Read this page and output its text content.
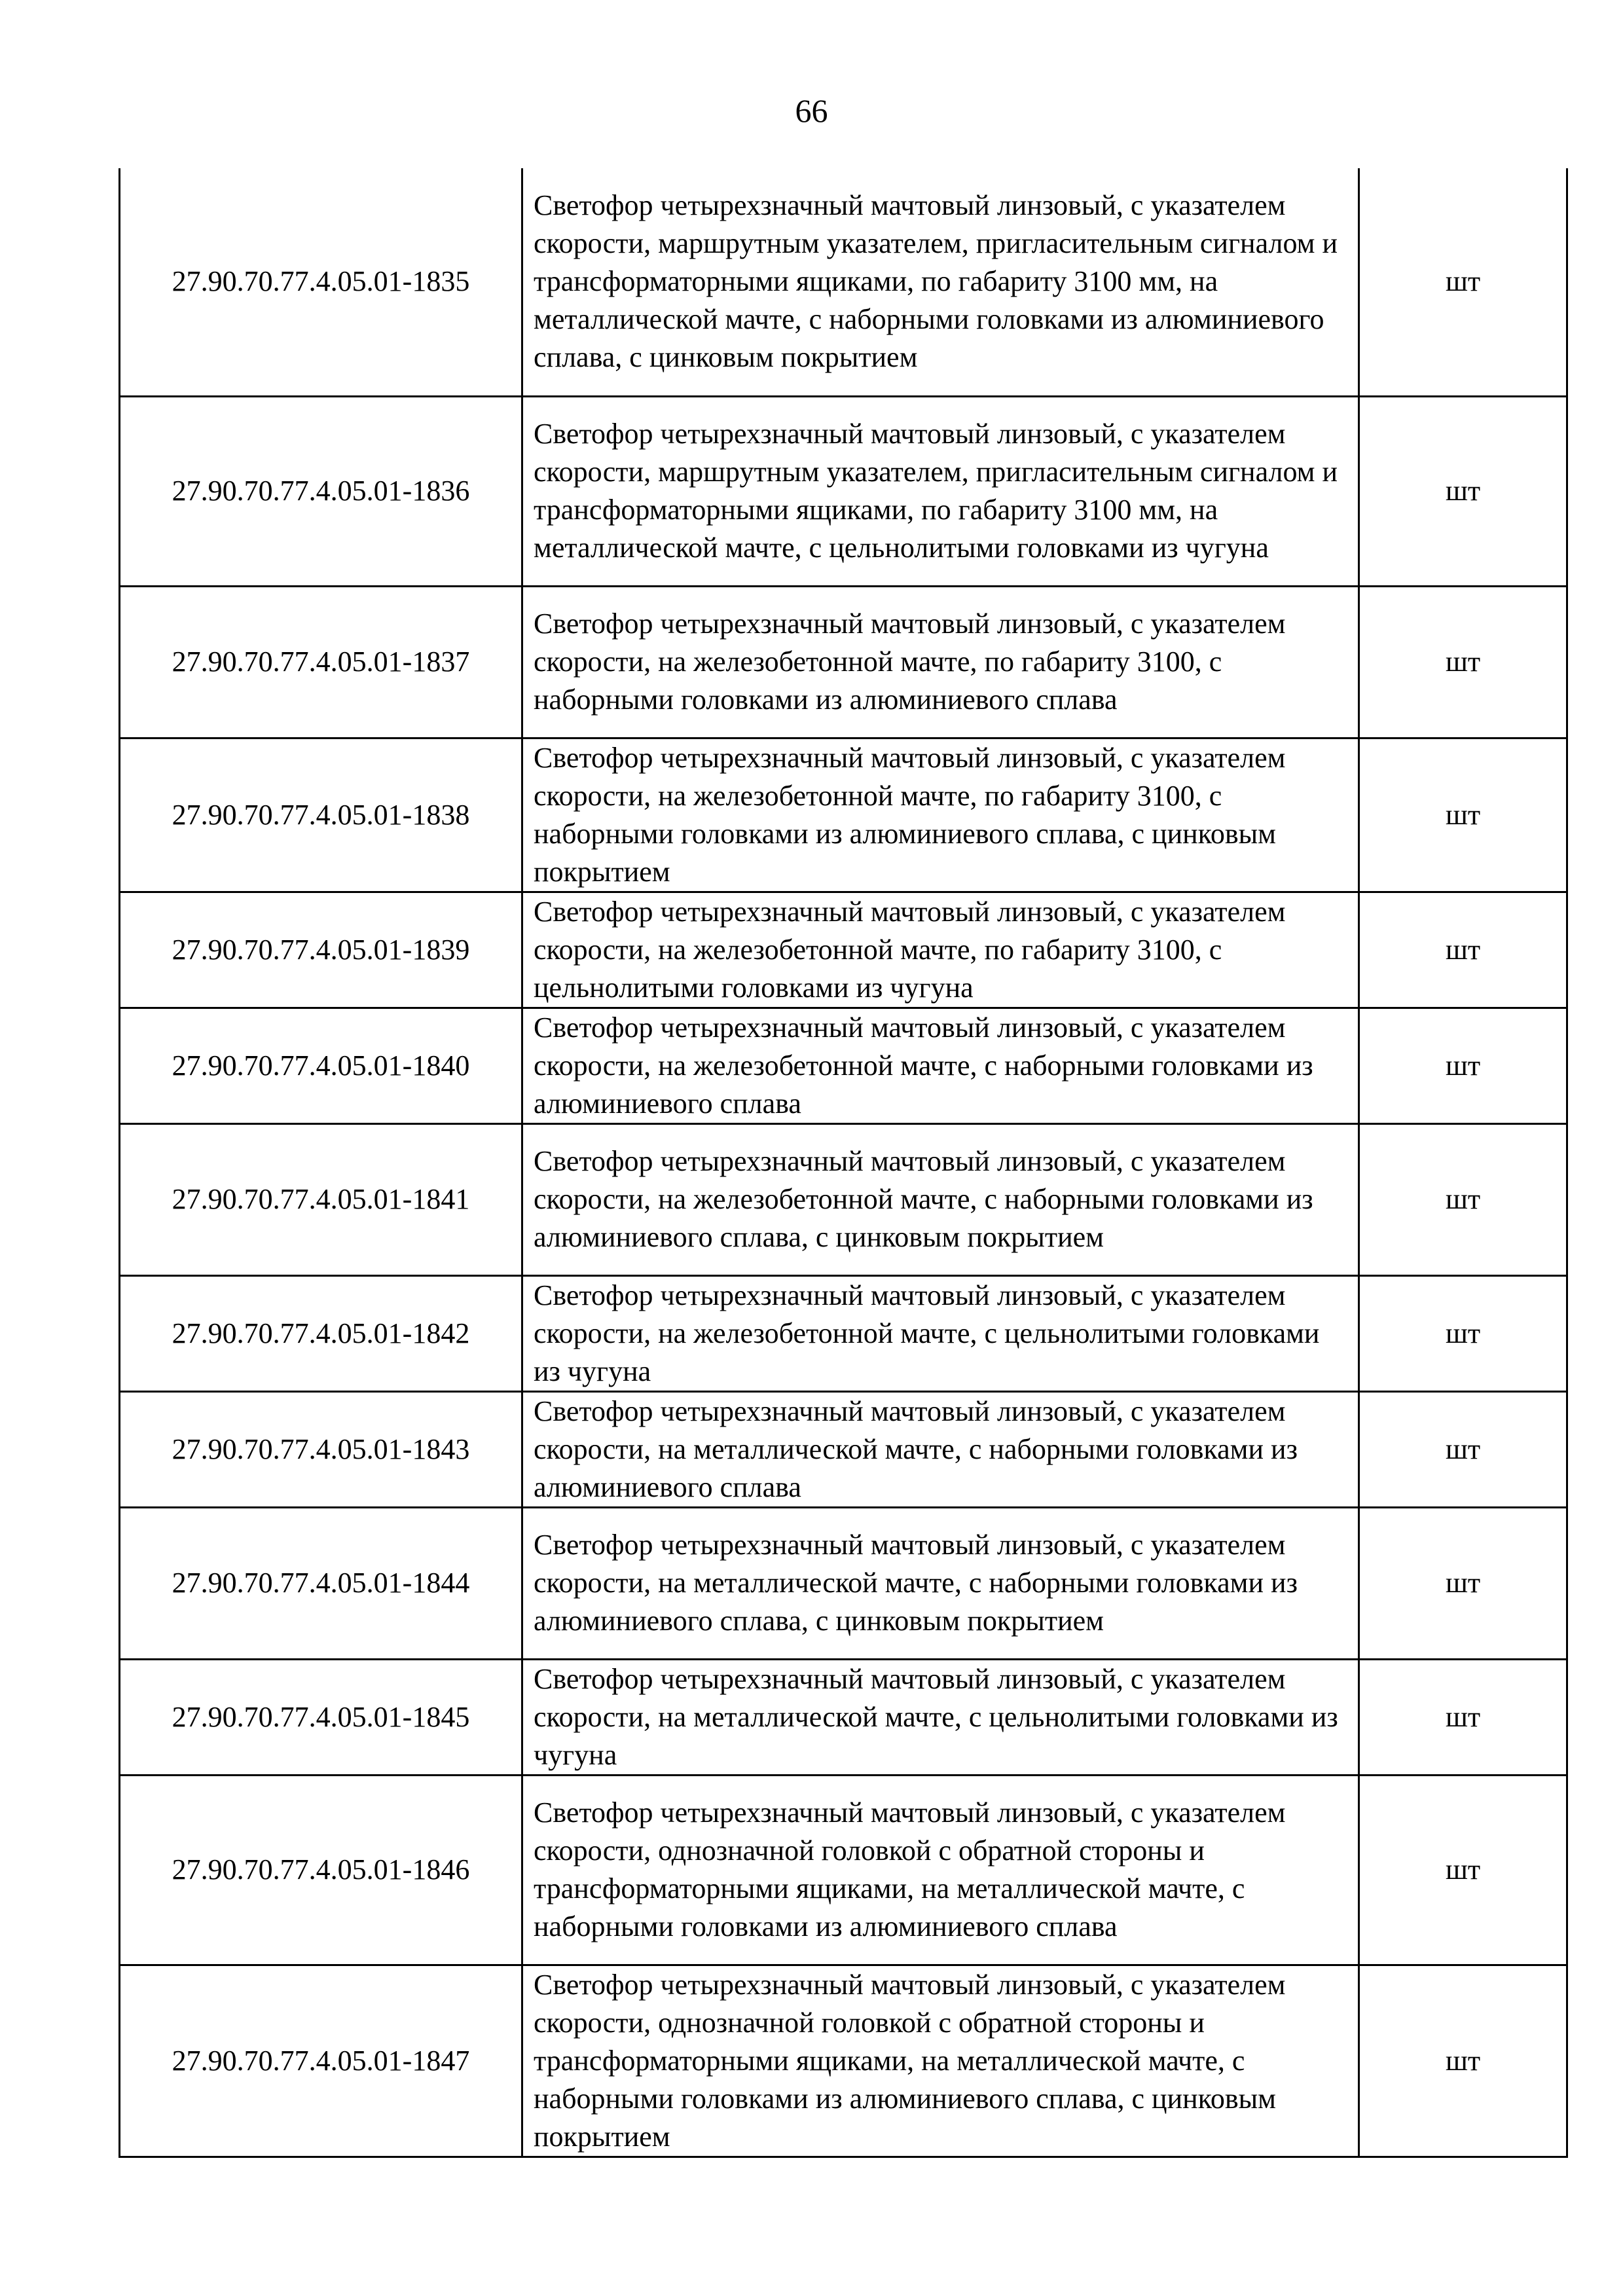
66
27.90.70.77.4.05.01-1835	Светофор четырехзначный мачтовый линзовый, с указателем скорости, маршрутным указателем, пригласительным сигналом и трансформаторными ящиками, по габариту 3100 мм, на металлической мачте, с наборными головками из алюминиевого сплава, с цинковым покрытием	шт
27.90.70.77.4.05.01-1836	Светофор четырехзначный мачтовый линзовый, с указателем скорости, маршрутным указателем, пригласительным сигналом и трансформаторными ящиками, по габариту 3100 мм, на металлической мачте, с цельнолитыми головками из чугуна	шт
27.90.70.77.4.05.01-1837	Светофор четырехзначный мачтовый линзовый, с указателем скорости, на железобетонной мачте, по габариту 3100, с наборными головками из алюминиевого сплава	шт
27.90.70.77.4.05.01-1838	Светофор четырехзначный мачтовый линзовый, с указателем скорости, на железобетонной мачте, по габариту 3100, с наборными головками из алюминиевого сплава, с цинковым покрытием	шт
27.90.70.77.4.05.01-1839	Светофор четырехзначный мачтовый линзовый, с указателем скорости, на железобетонной мачте, по габариту 3100, с цельнолитыми головками из чугуна	шт
27.90.70.77.4.05.01-1840	Светофор четырехзначный мачтовый линзовый, с указателем скорости, на железобетонной мачте, с наборными головками из алюминиевого сплава	шт
27.90.70.77.4.05.01-1841	Светофор четырехзначный мачтовый линзовый, с указателем скорости, на железобетонной мачте, с наборными головками из алюминиевого сплава, с цинковым покрытием	шт
27.90.70.77.4.05.01-1842	Светофор четырехзначный мачтовый линзовый, с указателем скорости, на железобетонной мачте, с цельнолитыми головками из чугуна	шт
27.90.70.77.4.05.01-1843	Светофор четырехзначный мачтовый линзовый, с указателем скорости, на металлической мачте, с наборными головками из алюминиевого сплава	шт
27.90.70.77.4.05.01-1844	Светофор четырехзначный мачтовый линзовый, с указателем скорости, на металлической мачте, с наборными головками из алюминиевого сплава, с цинковым покрытием	шт
27.90.70.77.4.05.01-1845	Светофор четырехзначный мачтовый линзовый, с указателем скорости, на металлической мачте, с цельнолитыми головками из чугуна	шт
27.90.70.77.4.05.01-1846	Светофор четырехзначный мачтовый линзовый, с указателем скорости, однозначной головкой с обратной стороны и трансформаторными ящиками, на металлической мачте, с наборными головками из алюминиевого сплава	шт
27.90.70.77.4.05.01-1847	Светофор четырехзначный мачтовый линзовый, с указателем скорости, однозначной головкой с обратной стороны и трансформаторными ящиками, на металлической мачте, с наборными головками из алюминиевого сплава, с цинковым покрытием	шт
